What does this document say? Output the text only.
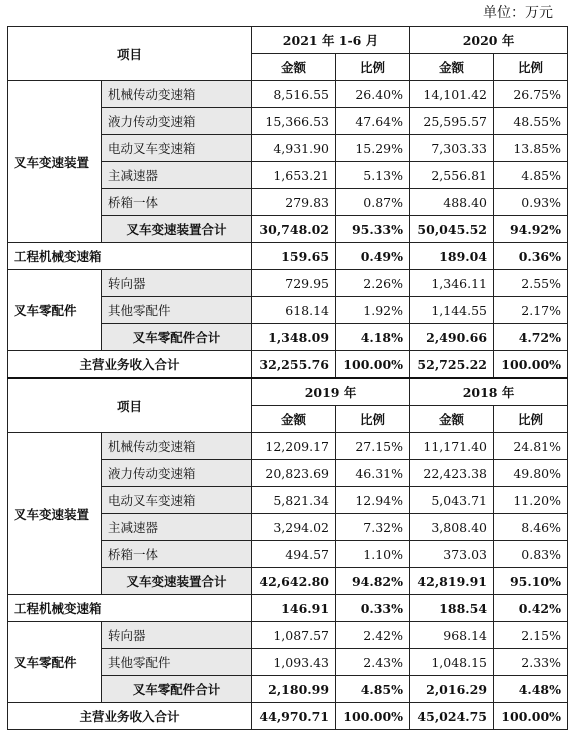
单位：万元
项目		2021 年 1-6 月		2020 年	
		金额	比例	金额	比例
叉车变速装置	机械传动变速箱	8,516.55	26.40%	14,101.42	26.75%
	液力传动变速箱	15,366.53	47.64%	25,595.57	48.55%
	电动叉车变速箱	4,931.90	15.29%	7,303.33	13.85%
	主减速器	1,653.21	5.13%	2,556.81	4.85%
	桥箱一体	279.83	0.87%	488.40	0.93%
	叉车变速装置合计	30,748.02	95.33%	50,045.52	94.92%
工程机械变速箱		159.65	0.49%	189.04	0.36%
叉车零配件	转向器	729.95	2.26%	1,346.11	2.55%
	其他零配件	618.14	1.92%	1,144.55	2.17%
	叉车零配件合计	1,348.09	4.18%	2,490.66	4.72%
主营业务收入合计		32,255.76	100.00%	52,725.22	100.00%
项目		2019 年		2018 年	
		金额	比例	金额	比例
叉车变速装置	机械传动变速箱	12,209.17	27.15%	11,171.40	24.81%
	液力传动变速箱	20,823.69	46.31%	22,423.38	49.80%
	电动叉车变速箱	5,821.34	12.94%	5,043.71	11.20%
	主减速器	3,294.02	7.32%	3,808.40	8.46%
	桥箱一体	494.57	1.10%	373.03	0.83%
	叉车变速装置合计	42,642.80	94.82%	42,819.91	95.10%
工程机械变速箱		146.91	0.33%	188.54	0.42%
叉车零配件	转向器	1,087.57	2.42%	968.14	2.15%
	其他零配件	1,093.43	2.43%	1,048.15	2.33%
	叉车零配件合计	2,180.99	4.85%	2,016.29	4.48%
主营业务收入合计		44,970.71	100.00%	45,024.75	100.00%
